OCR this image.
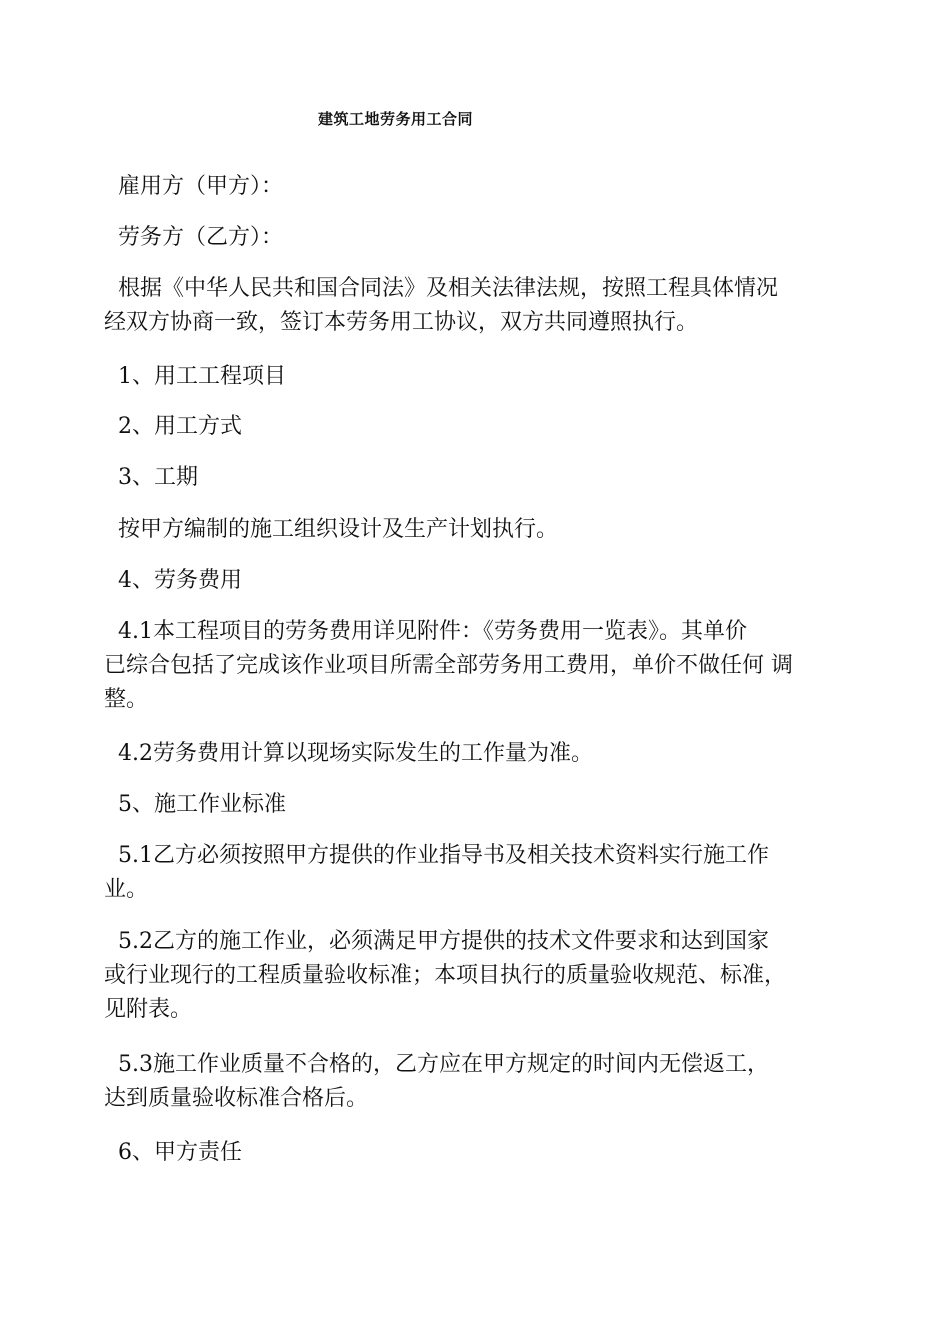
建筑工地劳务用工合同
雇用方（甲方）：
劳务方（乙方）：
根据《中华人民共和国合同法》及相关法律法规，按照工程具体情况
经双方协商一致，签订本劳务用工协议，双方共同遵照执行。
1、用工工程项目
2、用工方式
3、工期
按甲方编制的施工组织设计及生产计划执行。
4、劳务费用
4.1本工程项目的劳务费用详见附件：《劳务费用一览表》。其单价
已综合包括了完成该作业项目所需全部劳务用工费用，单价不做任何 调
整。
4.2劳务费用计算以现场实际发生的工作量为准。
5、施工作业标准
5.1乙方必须按照甲方提供的作业指导书及相关技术资料实行施工作
业。
5.2乙方的施工作业，必须满足甲方提供的技术文件要求和达到国家
或行业现行的工程质量验收标准；本项目执行的质量验收规范、标准，
见附表。
5.3施工作业质量不合格的，乙方应在甲方规定的时间内无偿返工，
达到质量验收标准合格后。
6、甲方责任
